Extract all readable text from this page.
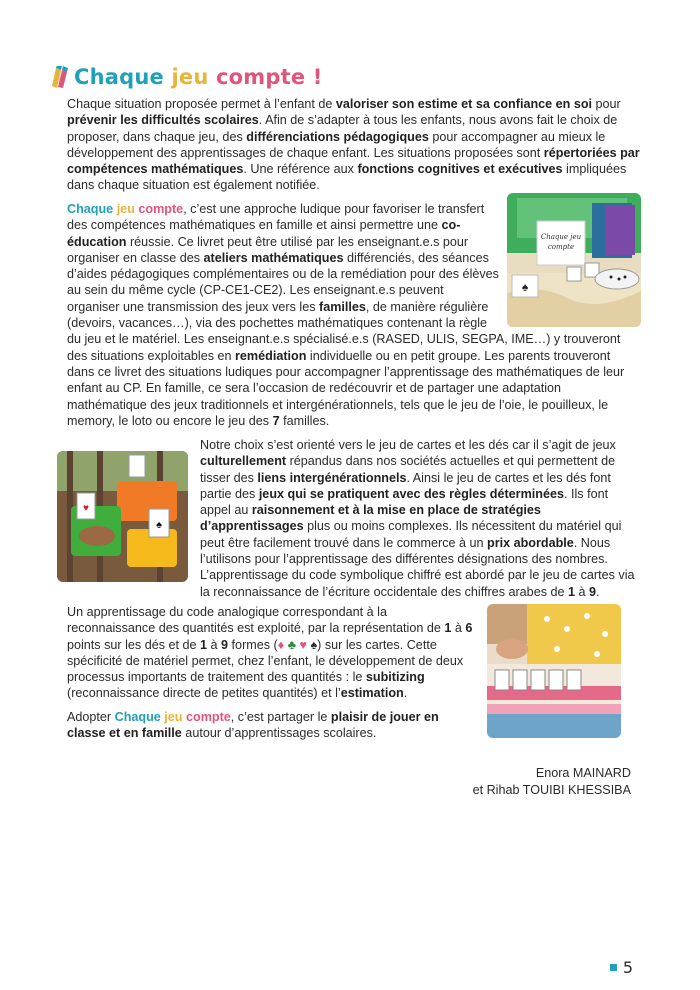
Chaque jeu compte !

Chaque situation proposée permet à l’enfant de valoriser son estime et sa confiance en soi pour prévenir les difficultés scolaires. Afin de s’adapter à tous les enfants, nous avons fait le choix de proposer, dans chaque jeu, des différenciations pédagogiques pour accompagner au mieux le développement des apprentissages de chaque enfant. Les situations proposées sont répertoriées par compétences mathématiques. Une référence aux fonctions cognitives et exécutives impliquées dans chaque situation est également notifiée.

Chaque jeu
compte
♠
Chaque jeu compte, c’est une approche ludique pour favoriser le transfert des compétences mathématiques en famille et ainsi permettre une co-éducation réussie. Ce livret peut être utilisé par les enseignant.e.s pour organiser en classe des ateliers mathématiques différenciés, des séances d’aides pédagogiques complémentaires ou de la remédiation pour des élèves au sein du même cycle (CP-CE1-CE2). Les enseignant.e.s peuvent organiser une transmission des jeux vers les familles, de manière régulière (devoirs, vacances…), via des pochettes mathématiques contenant la règle du jeu et le matériel. Les enseignant.e.s spécialisé.e.s (RASED, ULIS, SEGPA, IME…) y trouveront des situations exploitables en remédiation individuelle ou en petit groupe. Les parents trouveront dans ce livret des situations ludiques pour accompagner l’apprentissage des mathématiques de leur enfant au CP. En famille, ce sera l’occasion de redécouvrir et de partager une adaptation mathématique des jeux traditionnels et intergénérationnels, tels que le jeu de l’oie, le pouilleux, le memory, le loto ou encore le jeu des 7 familles.
♥
♠

Notre choix s’est orienté vers le jeu de cartes et les dés car il s’agit de jeux culturellement répandus dans nos sociétés actuelles et qui permettent de tisser des liens intergénérationnels. Ainsi le jeu de cartes et les dés font partie des jeux qui se pratiquent avec des règles déterminées. Ils font appel au raisonnement et à la mise en place de stratégies d’apprentissages plus ou moins complexes. Ils nécessitent du matériel qui peut être facilement trouvé dans le commerce à un prix abordable. Nous l’utilisons pour l’apprentissage des différentes désignations des nombres. L’apprentissage du code symbolique chiffré est abordé par le jeu de cartes via la reconnaissance de l’écriture occidentale des chiffres arabes de 1 à 9.

Un apprentissage du code analogique correspondant à la reconnaissance des quantités est exploité, par la représentation de 1 à 6 points sur les dés et de 1 à 9 formes (♦ ♣ ♥ ♠) sur les cartes. Cette spécificité de matériel permet, chez l’enfant, le développement de deux processus importants de traitement des quantités : le subitizing (reconnaissance directe de petites quantités) et l’estimation.

Adopter Chaque jeu compte, c’est partager le plaisir de jouer en classe et en famille autour d’apprentissages scolaires.

Enora MAINARD
et Rihab TOUIBI KHESSIBA
5
